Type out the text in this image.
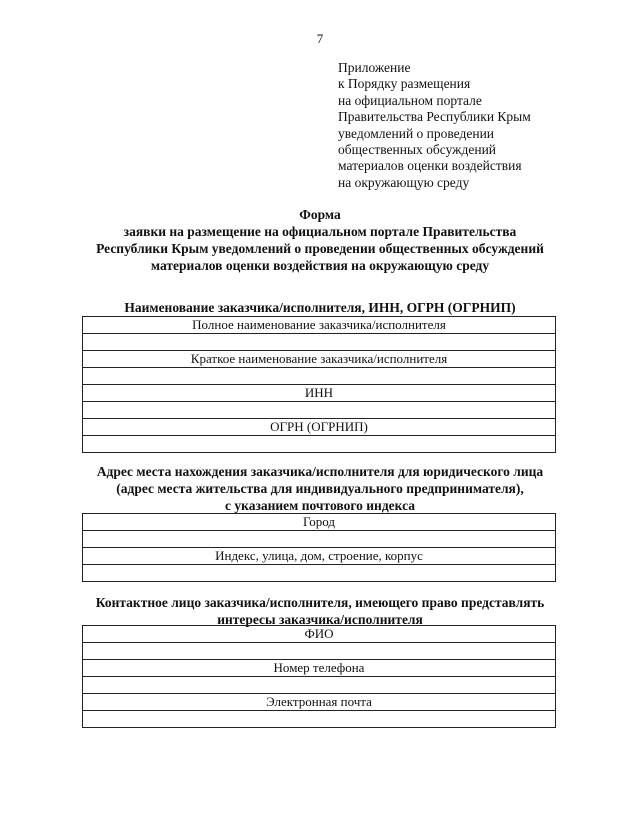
7
Приложение
к Порядку размещения
на официальном портале
Правительства Республики Крым
уведомлений о проведении
общественных обсуждений
материалов оценки воздействия
на окружающую среду
Форма
заявки на размещение на официальном портале Правительства
Республики Крым уведомлений о проведении общественных обсуждений
материалов оценки воздействия на окружающую среду
Наименование заказчика/исполнителя, ИНН, ОГРН (ОГРНИП)
Полное наименование заказчика/исполнителя
Краткое наименование заказчика/исполнителя
ИНН
ОГРН (ОГРНИП)
Адрес места нахождения заказчика/исполнителя для юридического лица
(адрес места жительства для индивидуального предпринимателя),
с указанием почтового индекса
Город
Индекс, улица, дом, строение, корпус
Контактное лицо заказчика/исполнителя, имеющего право представлять
интересы заказчика/исполнителя
ФИО
Номер телефона
Электронная почта
